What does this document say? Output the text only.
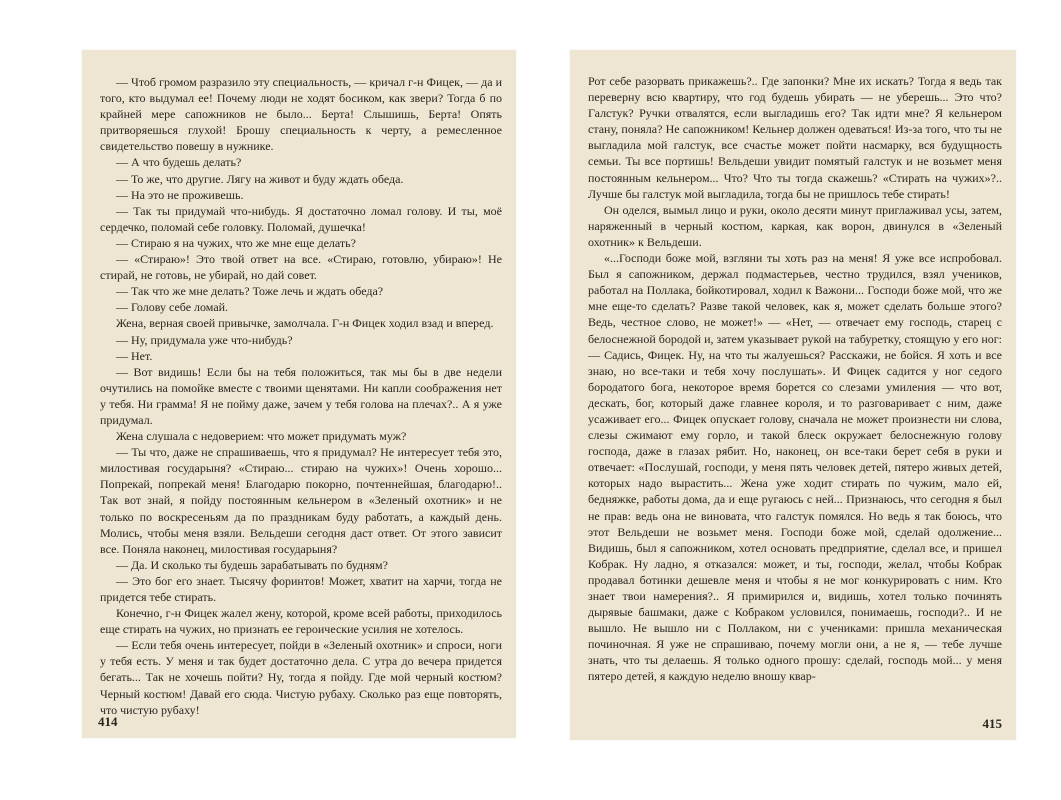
— Чтоб громом разразило эту специальность, — кричал г-н Фицек, — да и того, кто выдумал ее! Почему люди не ходят босиком, как звери? Тогда б по крайней мере сапожников не было... Берта! Слышишь, Берта! Опять притворяешься глухой! Брошу специальность к черту, а ремесленное свидетельство повешу в нужнике.

— А что будешь делать?

— То же, что другие. Лягу на живот и буду ждать обеда.

— На это не проживешь.

— Так ты придумай что-нибудь. Я достаточно ломал голову. И ты, моё сердечко, поломай себе головку. Поломай, душечка!

— Стираю я на чужих, что же мне еще делать?

— «Стираю»! Это твой ответ на все. «Стираю, готовлю, убираю»! Не стирай, не готовь, не убирай, но дай совет.

— Так что же мне делать? Тоже лечь и ждать обеда?

— Голову себе ломай.

Жена, верная своей привычке, замолчала. Г-н Фицек ходил взад и вперед.

— Ну, придумала уже что-нибудь?

— Нет.

— Вот видишь! Если бы на тебя положиться, так мы бы в две недели очутились на помойке вместе с твоими щенятами. Ни капли соображения нет у тебя. Ни грамма! Я не пойму даже, зачем у тебя голова на плечах?.. А я уже придумал.

Жена слушала с недоверием: что может придумать муж?

— Ты что, даже не спрашиваешь, что я придумал? Не интересует тебя это, милостивая государыня? «Стираю... стираю на чужих»! Очень хорошо... Попрекай, попрекай меня! Благодарю покорно, почтеннейшая, благодарю!.. Так вот знай, я пойду постоянным кельнером в «Зеленый охотник» и не только по воскресеньям да по праздникам буду работать, а каждый день. Молись, чтобы меня взяли. Вельдеши сегодня даст ответ. От этого зависит все. Поняла наконец, милостивая государыня?

— Да. И сколько ты будешь зарабатывать по будням?

— Это бог его знает. Тысячу форинтов! Может, хватит на харчи, тогда не придется тебе стирать.

Конечно, г-н Фицек жалел жену, которой, кроме всей работы, приходилось еще стирать на чужих, но признать ее героические усилия не хотелось.

— Если тебя очень интересует, пойди в «Зеленый охотник» и спроси, ноги у тебя есть. У меня и так будет достаточно дела. С утра до вечера придется бегать... Так не хочешь пойти? Ну, тогда я пойду. Где мой черный костюм? Черный костюм! Давай его сюда. Чистую рубаху. Сколько раз еще повторять, что чистую рубаху!

414

Рот себе разорвать прикажешь?.. Где запонки? Мне их искать? Тогда я ведь так переверну всю квартиру, что год будешь убирать — не уберешь... Это что? Галстук? Ручки отвалятся, если выгладишь его? Так идти мне? Я кельнером стану, поняла? Не сапожником! Кельнер должен одеваться! Из-за того, что ты не выгладила мой галстук, все счастье может пойти насмарку, вся будущность семьи. Ты все портишь! Вельдеши увидит помятый галстук и не возьмет меня постоянным кельнером... Что? Что ты тогда скажешь? «Стирать на чужих»?.. Лучше бы галстук мой выгладила, тогда бы не пришлось тебе стирать!

Он оделся, вымыл лицо и руки, около десяти минут приглаживал усы, затем, наряженный в черный костюм, каркая, как ворон, двинулся в «Зеленый охотник» к Вельдеши.

«...Господи боже мой, взгляни ты хоть раз на меня! Я уже все испробовал. Был я сапожником, держал подмастерьев, честно трудился, взял учеников, работал на Поллака, бойкотировал, ходил к Важони... Господи боже мой, что же мне еще-то сделать? Разве такой человек, как я, может сделать больше этого? Ведь, честное слово, не может!» — «Нет, — отвечает ему господь, старец с белоснежной бородой и, затем указывает рукой на табуретку, стоящую у его ног: — Садись, Фицек. Ну, на что ты жалуешься? Расскажи, не бойся. Я хоть и все знаю, но все-таки и тебя хочу послушать». И Фицек садится у ног седого бородатого бога, некоторое время борется со слезами умиления — что вот, дескать, бог, который даже главнее короля, и то разговаривает с ним, даже усаживает его... Фицек опускает голову, сначала не может произнести ни слова, слезы сжимают ему горло, и такой блеск окружает белоснежную голову господа, даже в глазах рябит. Но, наконец, он все-таки берет себя в руки и отвечает: «Послушай, господи, у меня пять человек детей, пятеро живых детей, которых надо вырастить... Жена уже ходит стирать по чужим, мало ей, бедняжке, работы дома, да и еще ругаюсь с ней... Признаюсь, что сегодня я был не прав: ведь она не виновата, что галстук помялся. Но ведь я так боюсь, что этот Вельдеши не возьмет меня. Господи боже мой, сделай одолжение... Видишь, был я сапожником, хотел основать предприятие, сделал все, и пришел Кобрак. Ну ладно, я отказался: может, и ты, господи, желал, чтобы Кобрак продавал ботинки дешевле меня и чтобы я не мог конкурировать с ним. Кто знает твои намерения?.. Я примирился и, видишь, хотел только починять дырявые башмаки, даже с Кобраком условился, понимаешь, господи?.. И не вышло. Не вышло ни с Поллаком, ни с учениками: пришла механическая починочная. Я уже не спрашиваю, почему могли они, а не я, — тебе лучше знать, что ты делаешь. Я только одного прошу: сделай, господь мой... у меня пятеро детей, я каждую неделю вношу квар-

415
